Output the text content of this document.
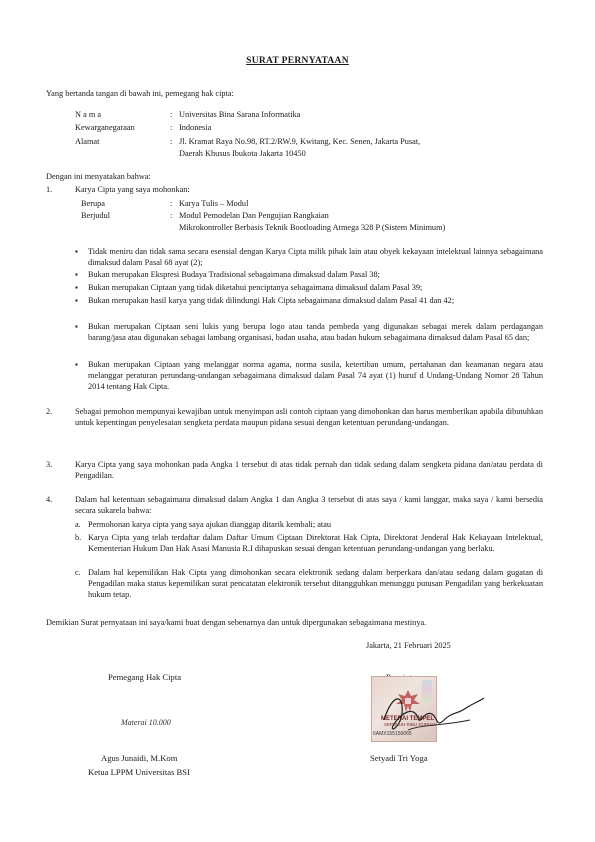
SURAT PERNYATAAN
Yang bertanda tangan di bawah ini, pemegang hak cipta:
N a m a	: Universitas Bina Sarana Informatika
Kewarganegaraan	: Indonesia
Alamat	: Jl. Kramat Raya No.98, RT.2/RW.9, Kwitang, Kec. Senen, Jakarta Pusat,
Daerah Khusus Ibukota Jakarta 10450
Dengan ini menyatakan bahwa:
1.	Karya Cipta yang saya mohonkan:
Berupa	: Karya Tulis – Modul
Berjudul	: Modul Pemodelan Dan Pengujian Rangkaian
Mikrokontroller Berbasis Teknik Bootloading Atmega 328 P (Sistem Minimum)
▪ Tidak meniru dan tidak sama secara esensial dengan Karya Cipta milik pihak lain atau obyek kekayaan intelektual lainnya sebagaimana dimaksud dalam Pasal 68 ayat (2);
▪ Bukan merupakan Ekspresi Budaya Tradisional sebagaimana dimaksud dalam Pasal 38;
▪ Bukan merupakan Ciptaan yang tidak diketahui penciptanya sebagaimana dimaksud dalam Pasal 39;
▪ Bukan merupakan hasil karya yang tidak dilindungi Hak Cipta sebagaimana dimaksud dalam Pasal 41 dan 42;
▪ Bukan merupakan Ciptaan seni lukis yang berupa logo atau tanda pembeda yang digunakan sebagai merek dalam perdagangan barang/jasa atau digunakan sebagai lambang organisasi, badan usaha, atau badan hukum sebagaimana dimaksud dalam Pasal 65 dan;
▪ Bukan merupakan Ciptaan yang melanggar norma agama, norma susila, ketertiban umum, pertahanan dan keamanan negara atau melanggar peraturan perundang-undangan sebagaimana dimaksud dalam Pasal 74 ayat (1) huruf d Undang-Undang Nomor 28 Tahun 2014 tentang Hak Cipta.
2.	Sebagai pemohon mempunyai kewajiban untuk menyimpan asli contoh ciptaan yang dimohonkan dan harus memberikan apabila dibutuhkan untuk kepentingan penyelesaian sengketa perdata maupun pidana sesuai dengan ketentuan perundang-undangan.
3.	Karya Cipta yang saya mohonkan pada Angka 1 tersebut di atas tidak pernah dan tidak sedang dalam sengketa pidana dan/atau perdata di Pengadilan.
4.	Dalam hal ketentuan sebagaimana dimaksud dalam Angka 1 dan Angka 3 tersebut di atas saya / kami langgar, maka saya / kami bersedia secara sukarela bahwa:
a. Permohonan karya cipta yang saya ajukan dianggap ditarik kembali; atau
b. Karya Cipta yang telah terdaftar dalam Daftar Umum Ciptaan Direktorat Hak Cipta, Direktorat Jenderal Hak Kekayaan Intelektual, Kementerian Hukum Dan Hak Asasi Manusia R.I dihapuskan sesuai dengan ketentuan perundang-undangan yang berlaku.
c. Dalam hal kepemilikan Hak Cipta yang dimohonkan secara elektronik sedang dalam berperkara dan/atau sedang dalam gugatan di Pengadilan maka status kepemilikan surat pencatatan elektronik tersebut ditangguhkan menunggu putusan Pengadilan yang berkekuatan hukum tetap.
Demikian Surat pernyataan ini saya/kami buat dengan sebenarnya dan untuk dipergunakan sebagaimana mestinya.
Jakarta, 21 Februari 2025
Pemegang Hak Cipta
Materai 10.000	METERAI TEMPEL
SEPULUH RIBU RUPIAH
6AMX155150065
Agus Junaidi, M.Kom
Ketua LPPM Universitas BSI
Setyadi Tri Yoga
